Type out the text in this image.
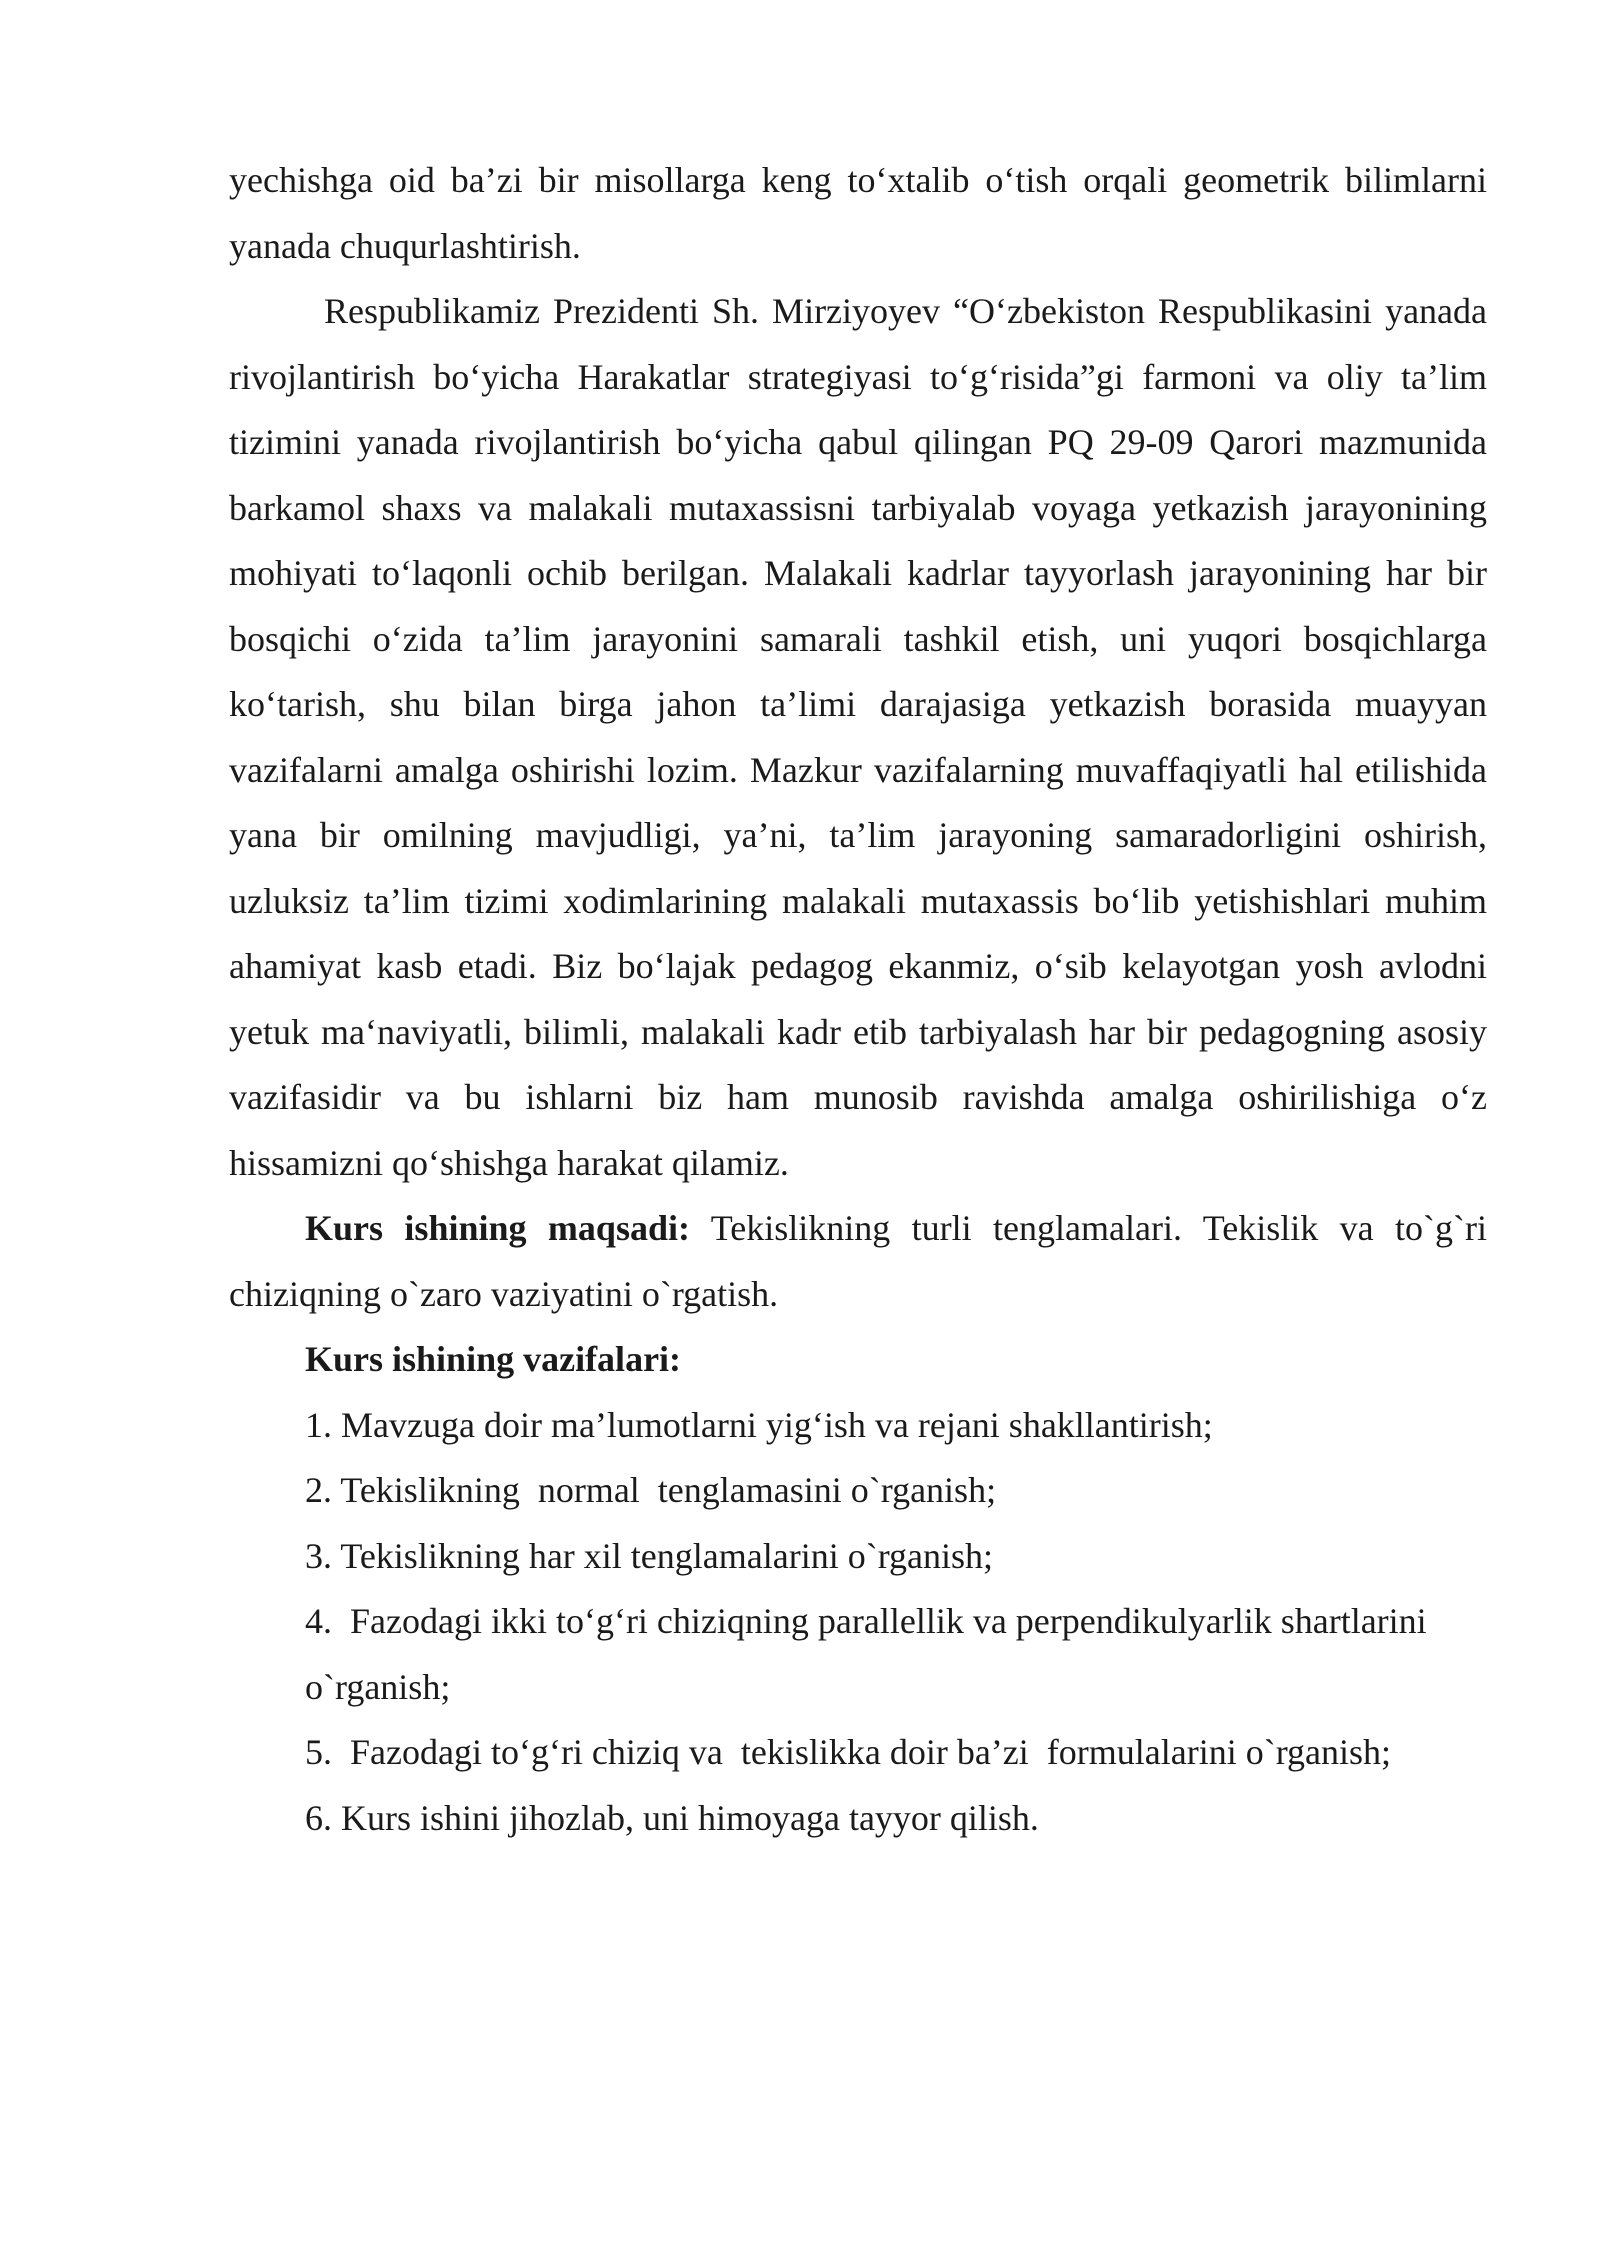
yechishga oid ba’zi bir misollarga keng to‘xtalib o‘tish orqali geometrik bilimlarni yanada chuqurlashtirish.

Respublikamiz Prezidenti Sh. Mirziyoyev “O‘zbekiston Respublikasini yanada rivojlantirish bo‘yicha Harakatlar strategiyasi to‘g‘risida”gi farmoni va oliy ta’lim tizimini yanada rivojlantirish bo‘yicha qabul qilingan PQ 29-09 Qarori mazmunida barkamol shaxs va malakali mutaxassisni tarbiyalab voyaga yetkazish jarayonining mohiyati to‘laqonli ochib berilgan. Malakali kadrlar tayyorlash jarayonining har bir bosqichi o‘zida ta’lim jarayonini samarali tashkil etish, uni yuqori bosqichlarga ko‘tarish, shu bilan birga jahon ta’limi darajasiga yetkazish borasida muayyan vazifalarni amalga oshirishi lozim. Mazkur vazifalarning muvaffaqiyatli hal etilishida yana bir omilning mavjudligi, ya’ni, ta’lim jarayoning samaradorligini oshirish, uzluksiz ta’lim tizimi xodimlarining malakali mutaxassis bo‘lib yetishishlari muhim ahamiyat kasb etadi. Biz bo‘lajak pedagog ekanmiz, o‘sib kelayotgan yosh avlodni yetuk ma‘naviyatli, bilimli, malakali kadr etib tarbiyalash har bir pedagogning asosiy vazifasidir va bu ishlarni biz ham munosib ravishda amalga oshirilishiga o‘z hissamizni qo‘shishga harakat qilamiz.

Kurs ishining maqsadi: Tekislikning turli tenglamalari. Tekislik va to`g`ri chiziqning o`zaro vaziyatini o`rgatish.

Kurs ishining vazifalari:

1. Mavzuga doir ma’lumotlarni yig‘ish va rejani shakllantirish;

2. Tekislikning  normal  tenglamasini o`rganish;

3. Tekislikning har xil tenglamalarini o`rganish;

4.  Fazodagi ikki to‘g‘ri chiziqning parallellik va perpendikulyarlik shartlarini o`rganish;

5.  Fazodagi to‘g‘ri chiziq va  tekislikka doir ba’zi  formulalarini o`rganish;

6. Kurs ishini jihozlab, uni himoyaga tayyor qilish.
